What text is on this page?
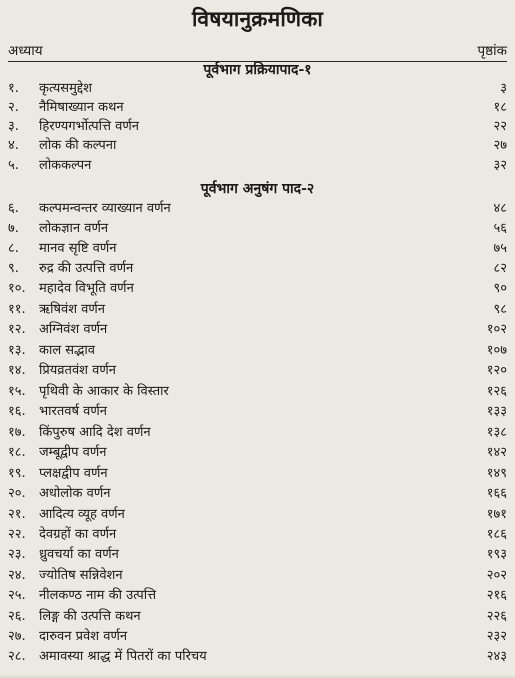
विषयानुक्रमणिका
अध्याय	पृष्ठांक
पूर्वभाग प्रक्रियापाद-१
१.	कृत्यसमुद्देश	३
२.	नैमिषाख्यान कथन	१८
३.	हिरण्यगर्भोत्पत्ति वर्णन	२२
४.	लोक की कल्पना	२७
५.	लोककल्पन	३२
पूर्वभाग अनुषंग पाद-२
६.	कल्पमन्वन्तर व्याख्यान वर्णन	४८
७.	लोकज्ञान वर्णन	५६
८.	मानव सृष्टि वर्णन	७५
९.	रुद्र की उत्पत्ति वर्णन	८२
१०.	महादेव विभूति वर्णन	९०
११.	ऋषिवंश वर्णन	९८
१२.	अग्निवंश वर्णन	१०२
१३.	काल सद्भाव	१०७
१४.	प्रियव्रतवंश वर्णन	१२०
१५.	पृथिवी के आकार के विस्तार	१२६
१६.	भारतवर्ष वर्णन	१३३
१७.	किंपुरुष आदि देश वर्णन	१३८
१८.	जम्बूद्वीप वर्णन	१४२
१९.	प्लक्षद्वीप वर्णन	१४९
२०.	अधोलोक वर्णन	१६६
२१.	आदित्य व्यूह वर्णन	१७१
२२.	देवग्रहों का वर्णन	१८६
२३.	ध्रुवचर्या का वर्णन	१९३
२४.	ज्योतिष सन्निवेशन	२०२
२५.	नीलकण्ठ नाम की उत्पत्ति	२१६
२६.	लिङ्ग की उत्पत्ति कथन	२२६
२७.	दारुवन प्रवेश वर्णन	२३२
२८.	अमावस्या श्राद्ध में पितरों का परिचय	२४३
